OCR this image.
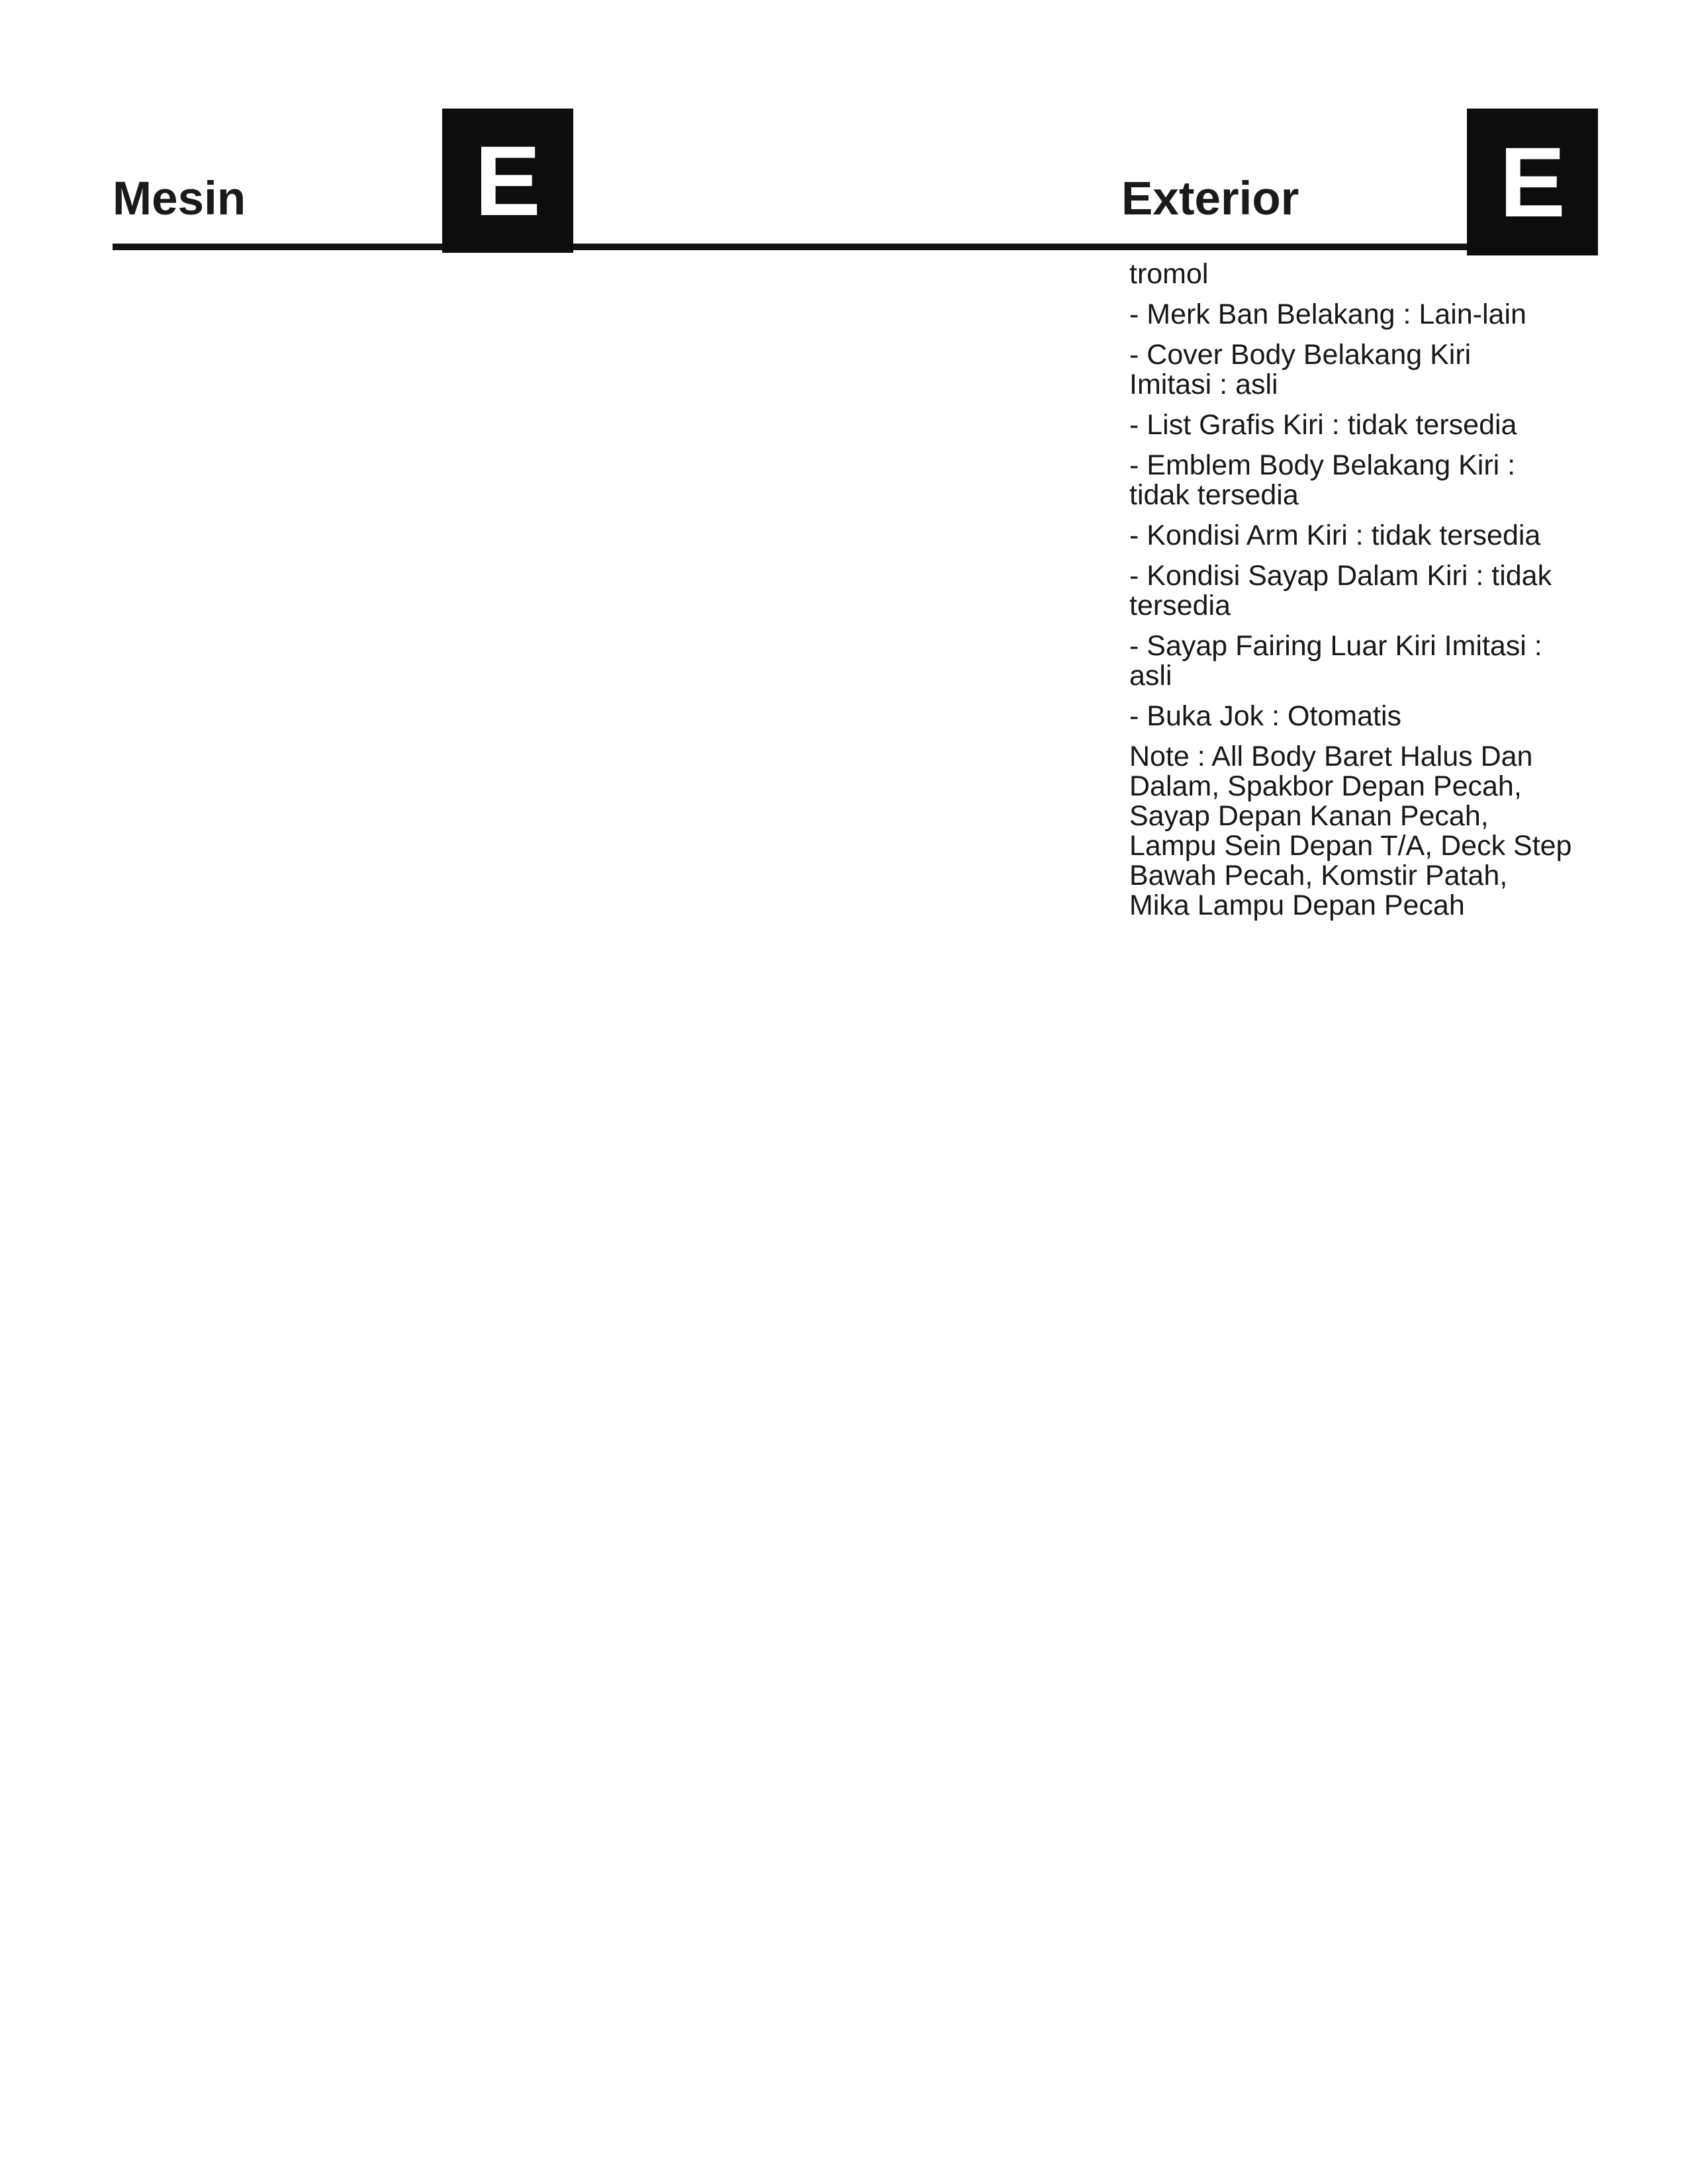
Mesin E	Exterior E
tromol
- Merk Ban Belakang : Lain-lain
- Cover Body Belakang Kiri
Imitasi : asli
- List Grafis Kiri : tidak tersedia
- Emblem Body Belakang Kiri :
tidak tersedia
- Kondisi Arm Kiri : tidak tersedia
- Kondisi Sayap Dalam Kiri : tidak
tersedia
- Sayap Fairing Luar Kiri Imitasi :
asli
- Buka Jok : Otomatis
Note : All Body Baret Halus Dan
Dalam, Spakbor Depan Pecah,
Sayap Depan Kanan Pecah,
Lampu Sein Depan T/A, Deck Step
Bawah Pecah, Komstir Patah,
Mika Lampu Depan Pecah
